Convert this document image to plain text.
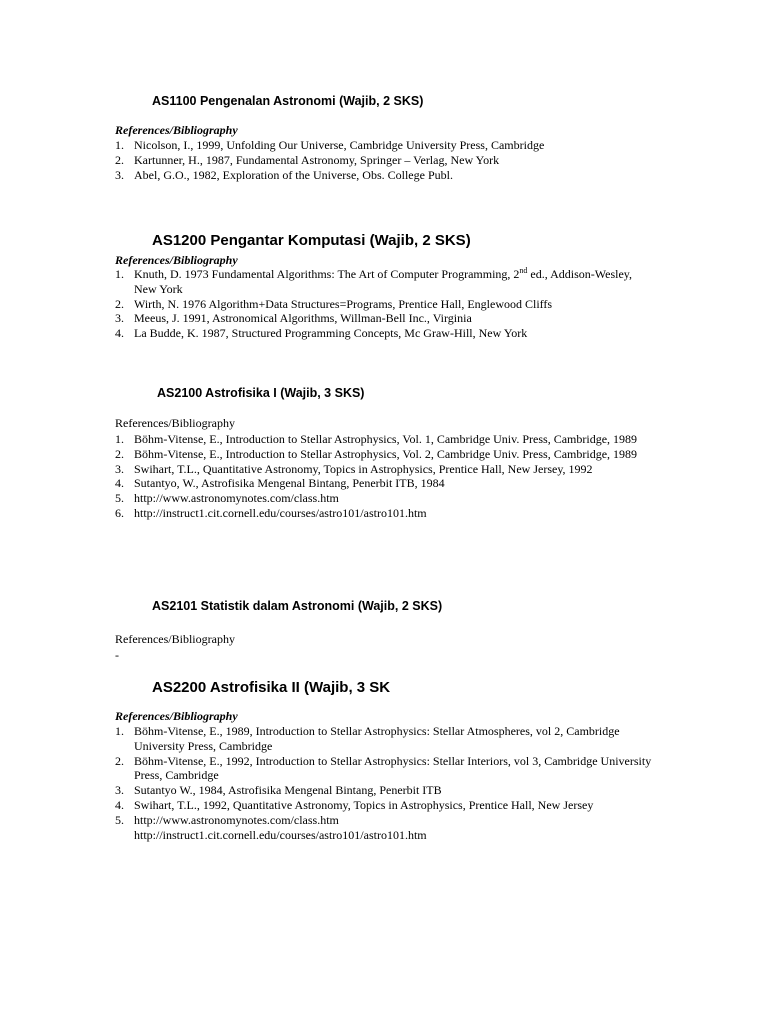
AS1100 Pengenalan Astronomi (Wajib, 2 SKS)

References/Bibliography

1. Nicolson, I., 1999, Unfolding Our Universe, Cambridge University Press, Cambridge
2. Kartunner, H., 1987, Fundamental Astronomy, Springer – Verlag, New York
3. Abel, G.O., 1982, Exploration of the Universe, Obs. College Publ.
AS1200 Pengantar Komputasi (Wajib, 2 SKS)

References/Bibliography

1. Knuth, D. 1973 Fundamental Algorithms: The Art of Computer Programming, 2nd ed., Addison-Wesley, New York
2. Wirth, N. 1976 Algorithm+Data Structures=Programs, Prentice Hall, Englewood Cliffs
3. Meeus, J. 1991, Astronomical Algorithms, Willman-Bell Inc., Virginia
4. La Budde, K. 1987, Structured Programming Concepts, Mc Graw-Hill, New York
AS2100 Astrofisika I (Wajib, 3 SKS)

References/Bibliography

1. Böhm-Vitense, E., Introduction to Stellar Astrophysics, Vol. 1, Cambridge Univ. Press, Cambridge, 1989
2. Böhm-Vitense, E., Introduction to Stellar Astrophysics, Vol. 2, Cambridge Univ. Press, Cambridge, 1989
3. Swihart, T.L., Quantitative Astronomy, Topics in Astrophysics, Prentice Hall, New Jersey, 1992
4. Sutantyo, W., Astrofisika Mengenal Bintang, Penerbit ITB, 1984
5. http://www.astronomynotes.com/class.htm
6. http://instruct1.cit.cornell.edu/courses/astro101/astro101.htm
AS2101 Statistik dalam Astronomi (Wajib, 2 SKS)

References/Bibliography

-
AS2200 Astrofisika II (Wajib, 3 SK

References/Bibliography

1. Böhm-Vitense, E., 1989, Introduction to Stellar Astrophysics: Stellar Atmospheres, vol 2, Cambridge University Press, Cambridge
2. Böhm-Vitense, E., 1992, Introduction to Stellar Astrophysics: Stellar Interiors, vol 3, Cambridge University Press, Cambridge
3. Sutantyo W., 1984, Astrofisika Mengenal Bintang, Penerbit ITB
4. Swihart, T.L., 1992, Quantitative Astronomy, Topics in Astrophysics, Prentice Hall, New Jersey
5. http://www.astronomynotes.com/class.htm
http://instruct1.cit.cornell.edu/courses/astro101/astro101.htm
